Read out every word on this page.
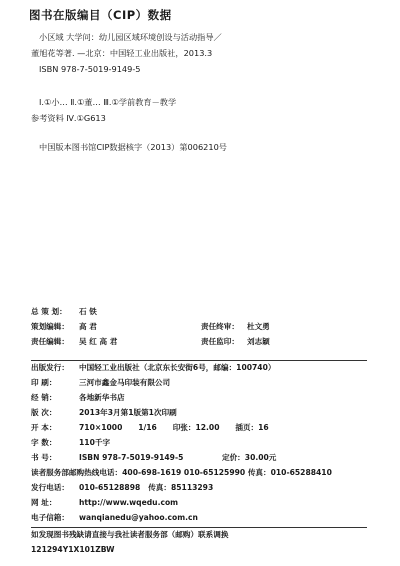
图书在版编目（CIP）数据
小区域 大学问：幼儿园区域环境创设与活动指导／
董旭花等著. —北京：中国轻工业出版社，2013.3
ISBN 978-7-5019-9149-5
Ⅰ.①小… Ⅱ.①董… Ⅲ.①学前教育－教学
参考资料 Ⅳ.①G613
中国版本图书馆CIP数据核字（2013）第006210号
总 策 划： 石 铁
策划编辑： 高 君	责任终审： 杜文勇
责任编辑： 吴 红 高 君	责任监印： 刘志颖
出版发行： 中国轻工业出版社（北京东长安街6号，邮编：100740）
印 刷：	三河市鑫金马印装有限公司
经 销：	各地新华书店
版 次：	2013年3月第1版第1次印刷
开 本：	710×1000      1/16      印张：12.00      插页：16
字 数：	110千字
书 号：	ISBN 978-7-5019-9149-5	定价：30.00元
读者服务部邮购热线电话：400-698-1619 010-65125990 传真：010-65288410
发行电话： 010-65128898   传真：85113293
网 址：	http://www.wqedu.com
电子信箱： wanqianedu@yahoo.com.cn
如发现图书残缺请直接与我社读者服务部（邮购）联系调换
121294Y1X101ZBW
